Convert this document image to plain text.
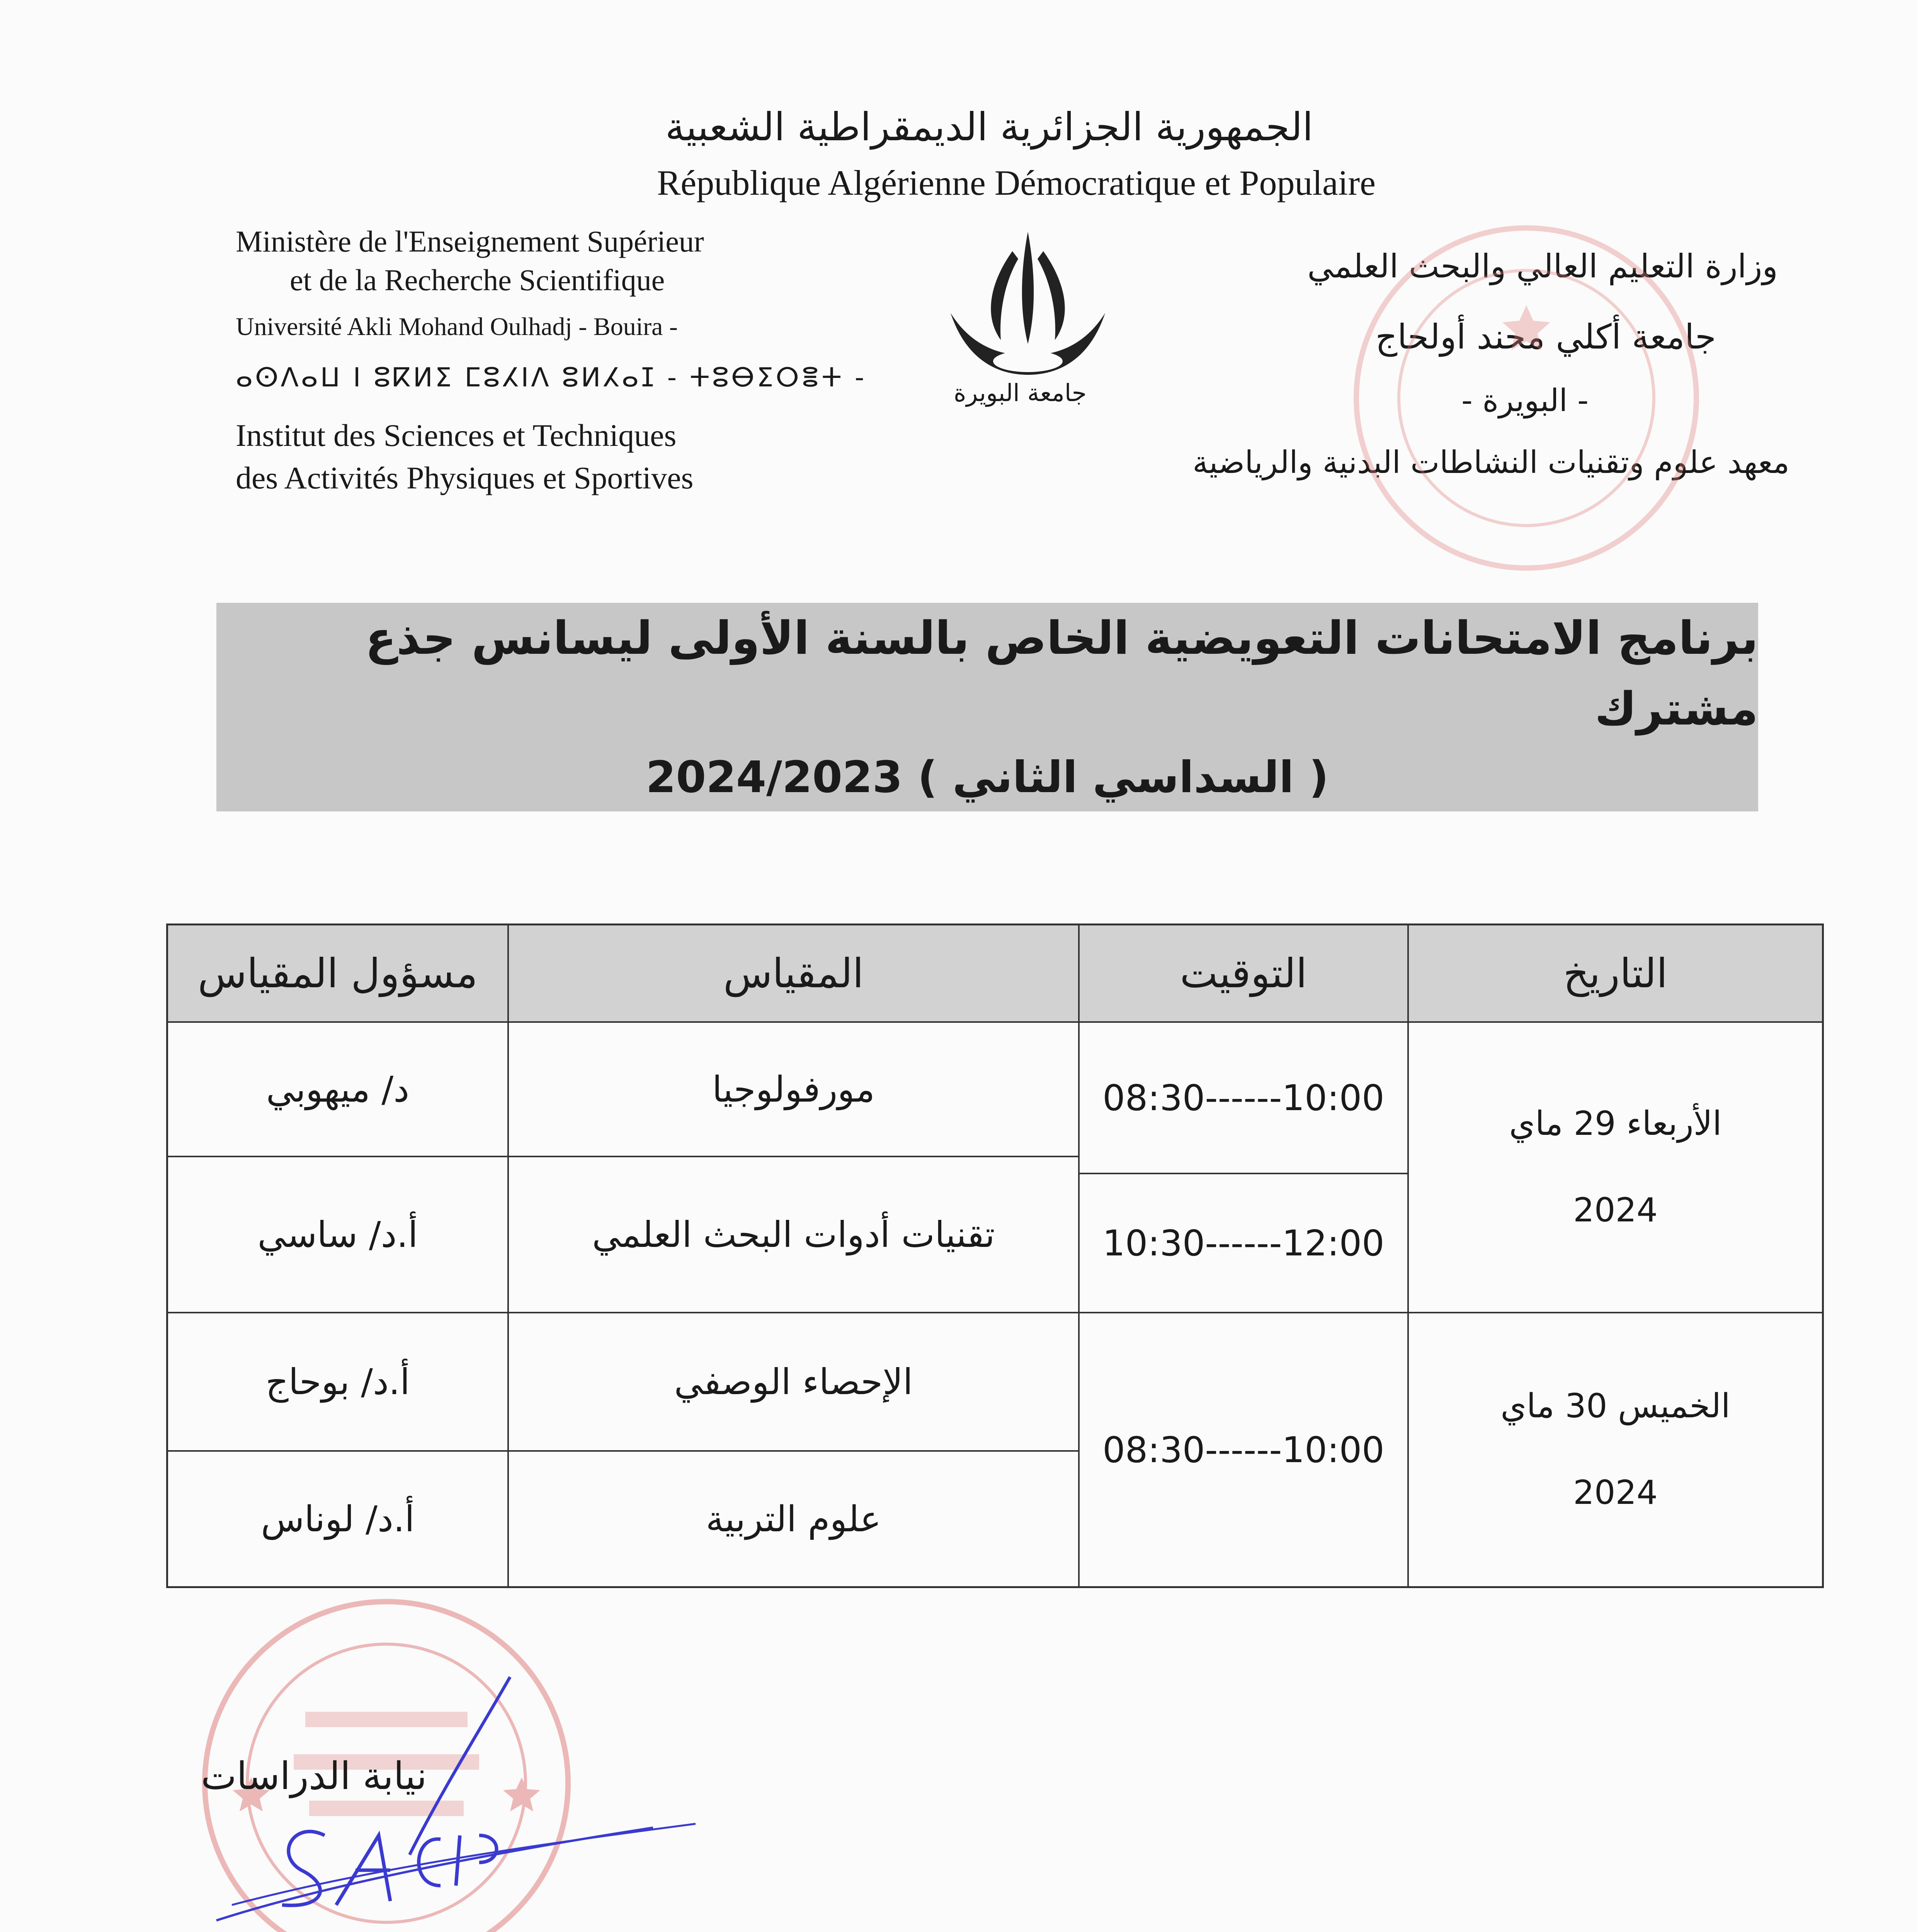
الجمهورية الجزائرية الديمقراطية الشعبية
République Algérienne Démocratique et Populaire
Ministère de l'Enseignement Supérieur
et de la Recherche Scientifique
Université Akli Mohand Oulhadj - Bouira -
ⴰⵙⴷⴰⵡ ⵏ ⵓⴽⵍⵉ ⵎⵓⵃⵏⴷ ⵓⵍⵃⴰⵊ - ⵜⵓⴱⵉⵔⴻⵜ -
Institut des Sciences et Techniques
des Activités Physiques et Sportives
وزارة التعليم العالي والبحث العلمي
جامعة أكلي محند أولحاج
- البويرة -
معهد علوم وتقنيات النشاطات البدنية والرياضية
جامعة البويرة
برنامج الامتحانات التعويضية الخاص بالسنة الأولى ليسانس جذع مشترك
( السداسي الثاني ) 2024/2023
التاريخ
التوقيت
المقياس
مسؤول المقياس
الأربعاء 29 ماي
2024
08:30------10:00
10:30------12:00
مورفولوجيا
تقنيات أدوات البحث العلمي
د/ ميهوبي
أ.د/ ساسي
الخميس 30 ماي
2024
08:30------10:00
الإحصاء الوصفي
علوم التربية
أ.د/ بوحاج
أ.د/ لوناس
نيابة الدراسات
